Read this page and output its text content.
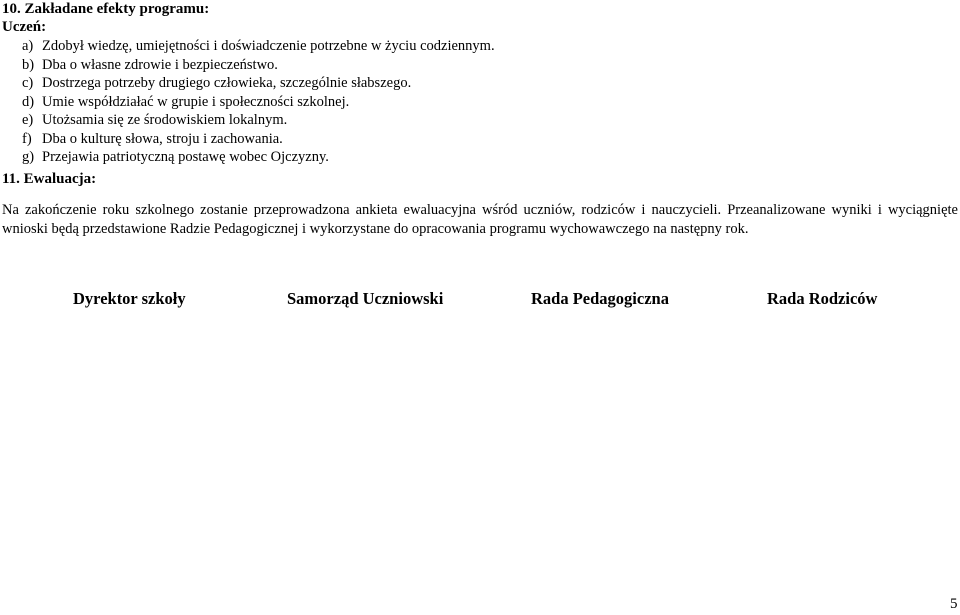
10. Zakładane efekty programu:
Uczeń:
a) Zdobył wiedzę, umiejętności i doświadczenie potrzebne w życiu codziennym.
b) Dba o własne zdrowie i bezpieczeństwo.
c) Dostrzega potrzeby drugiego człowieka, szczególnie słabszego.
d) Umie współdziałać w grupie i społeczności szkolnej.
e) Utożsamia się ze środowiskiem lokalnym.
f) Dba o kulturę słowa, stroju i zachowania.
g) Przejawia patriotyczną postawę wobec Ojczyzny.
11. Ewaluacja:

Na zakończenie roku szkolnego zostanie przeprowadzona ankieta ewaluacyjna wśród uczniów, rodziców i nauczycieli. Przeanalizowane wyniki i wyciągnięte wnioski będą przedstawione Radzie Pedagogicznej i wykorzystane do opracowania programu wychowawczego na następny rok.

Dyrektor szkoły	Samorząd Uczniowski	Rada Pedagogiczna	Rada Rodziców
5
